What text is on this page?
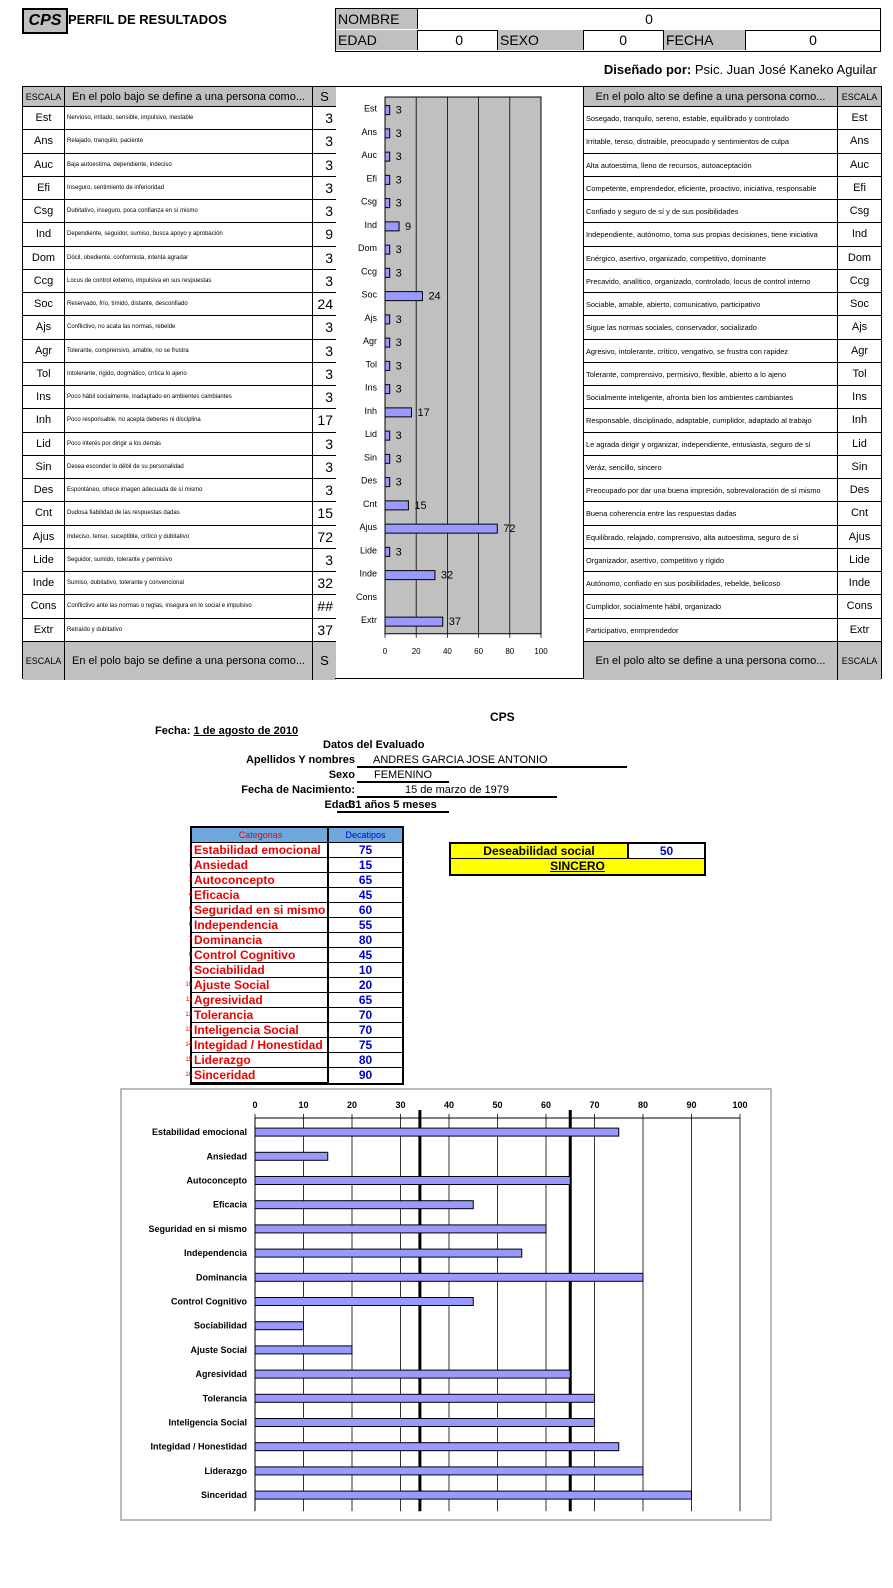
CPS PERFIL DE RESULTADOS	NOMBRE	0
EDAD	0	SEXO	0	FECHA	0
Diseñado por: Psic. Juan José Kaneko Aguilar
ESCALA En el polo bajo se define a una persona como...	S
Est	Nervioso, irritado, sensible, impulsivo, inestable	3
Ans	Relajado, tranquilo, paciente	3
Auc	Baja autoestima, dependiente, indeciso	3
Efi	Inseguro, sentimiento de inferioridad	3
Csg	Dubitativo, inseguro, poca confianza en sí mismo	3
Ind	Dependiente, seguidor, sumiso, busca apoyo y aprobación	9
Dom	Dócil, obediente, conformista, intenta agradar	3
Ccg	Locus de control externo, impulsiva en sus respuestas	3
Soc	Reservado, frío, tímido, distante, desconfiado	24
Ajs	Conflictivo, no acata las normas, rebelde	3
Agr	Tolerante, comprensivo, amable, no se frustra	3
Tol	Intolerante, rígido, dogmático, crítica lo ajeno	3
Ins	Poco hábil socialmente, inadaptado en ambientes cambiantes	3
Inh	Poco responsable, no acepta deberes ni disciplina	17
Lid	Poco interés por dirigir a los demás	3
Sin	Desea esconder lo débil de su personalidad	3
Des	Espontáneo, ofrece imagen adecuada de sí mismo	3
Cnt	Dudosa fiabilidad de las respuestas dadas	15
Ajus	Indeciso, tenso, suceptible, crítico y dubitativo	72
Lide	Seguidor, sumido, tolerante y permisivo	3
Inde	Sumiso, dubitativo, tolerante y convencional	32
Cons	Conflictivo ante las normas o reglas, insegura en lo social e impulsivo	##
Extr	Retraído y dubitativo	37
ESCALA En el polo bajo se define a una persona como...	S
0	20	40	60	80	100
Est 3
Ans 3
Auc 3
Efi 3
Csg 3
Ind	9
Dom 3
Ccg 3
Soc	24
Ajs 3
Agr 3
Tol 3
Ins 3
Inh	17
Lid 3
Sin 3
Des 3
Cnt	15
Ajus	72
Lide 3
Inde	32
Cons
Extr	37
En el polo alto se define a una persona como...	ESCALA
Sosegado, tranquilo, sereno, estable, equilibrado y controlado	Est
Irritable, tenso, distraible, preocupado y sentimientos de culpa	Ans
Alta autoestima, lleno de recursos, autoaceptación	Auc
Competente, emprendedor, eficiente, proactivo, iniciativa, responsable	Efi
Confiado y seguro de sí y de sus posibilidades	Csg
Independiente, autónomo, toma sus propias decisiones, tiene iniciativa	Ind
Enérgico, asertivo, organizado, competitivo, dominante	Dom
Precavido, analítico, organizado, controlado, locus de control interno	Ccg
Sociable, amable, abierto, comunicativo, participativo	Soc
Sigue las normas sociales, conservador, socializado	Ajs
Agresivo, intolerante, crítico, vengativo, se frustra con rapidez	Agr
Tolerante, comprensivo, permisivo, flexible, abierto a lo ajeno	Tol
Socialmente inteligente, afronta bien los ambientes cambiantes	Ins
Responsable, disciplinado, adaptable, cumplidor, adaptado al trabajo	Inh
Le agrada dirigir y organizar, independiente, entusiasta, seguro de sí	Lid
Veráz, sencillo, sincero	Sin
Preocupado por dar una buena impresión, sobrevaloración de sí mismo	Des
Buena coherencia entre las respuestas dadas	Cnt
Equilibrado, relajado, comprensivo, alta autoestima, seguro de sí	Ajus
Organizador, asertivo, competitivo y rígido	Lide
Autónomo, confiado en sus posibilidades, rebelde, belicoso	Inde
Cumplidor, socialmente hábil, organizado	Cons
Participativo, enmprendedor	Extr
En el polo alto se define a una persona como...	ESCALA
CPS
Fecha: 1 de agosto de 2010
Datos del Evaluado
Apellidos Y nombres	ANDRES GARCIA JOSE ANTONIO
Sexo	FEMENINO
Fecha de Nacimiento:	15 de marzo de 1979
Edad:
31 años 5 meses
Categorias	Decatipos
1 Estabilidad emocional	75
2 Ansiedad	15
3 Autoconcepto	65
4 Eficacia	45
5 Seguridad en si mismo	60
6 Independencia	55
7 Dominancia	80
8 Control Cognitivo	45
9 Sociabilidad	10
10 Ajuste Social	20
11 Agresividad	65
12 Tolerancia	70
13 Inteligencia Social	70
14 Integidad / Honestidad	75
15 Liderazgo	80
16 Sinceridad	90
Deseabilidad social	50
SINCERO
0	10	20	30	40	50	60	70	80	90	100
Estabilidad emocional
Ansiedad
Autoconcepto
Eficacia
Seguridad en si mismo
Independencia
Dominancia
Control Cognitivo
Sociabilidad
Ajuste Social
Agresividad
Tolerancia
Inteligencia Social
Integidad / Honestidad
Liderazgo
Sinceridad
